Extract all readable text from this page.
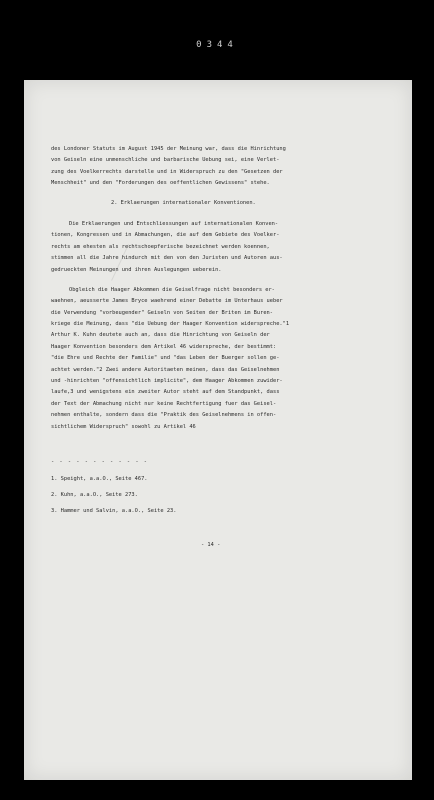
0344
des Londoner Statuts im August 1945 der Meinung war, dass die Hinrichtung
von Geiseln eine unmenschliche und barbarische Uebung sei, eine Verlet-
zung des Voelkerrechts darstelle und in Widerspruch zu den "Gesetzen der
Menschheit" und den "Forderungen des oeffentlichen Gewissens" stehe.
2. Erklaerungen internationaler Konventionen.
Die Erklaerungen und Entschliessungen auf internationalen Konven-
tionen, Kongressen und in Abmachungen, die auf dem Gebiete des Voelker-
rechts am ehesten als rechtschoepferische bezeichnet werden koennen,
stimmen all die Jahre hindurch mit den von den Juristen und Autoren aus-
gedrueckten Meinungen und ihren Auslegungen ueberein.
Obgleich die Haager Abkommen die Geiselfrage nicht besonders er-
waehnen, aeusserte James Bryce waehrend einer Debatte im Unterhaus ueber
die Verwendung "vorbeugender" Geiseln von Seiten der Briten im Buren-
kriege die Meinung, dass "die Uebung der Haager Konvention widerspreche."1
Arthur K. Kuhn deutete auch an, dass die Hinrichtung von Geiseln der
Haager Konvention besonders dem Artikel 46 widerspreche, der bestimmt:
"die Ehre und Rechte der Familie" und "das Leben der Buerger sollen ge-
achtet werden."2 Zwei andere Autoritaeten meinen, dass das Geiselnehmen
und -hinrichten "offensichtlich implicite", dem Haager Abkommen zuwider-
laufe,3 und wenigstens ein zweiter Autor steht auf dem Standpunkt, dass
der Text der Abmachung nicht nur keine Rechtfertigung fuer das Geisel-
nehmen enthalte, sondern dass die "Praktik des Geiselnehmens in offen-
sichtlichem Widerspruch" sowohl zu Artikel 46
- - - - - - - - - - - -
1. Speight, a.a.O., Seite 467.
2. Kuhn, a.a.O., Seite 273.
3. Hammer und Salvin, a.a.O., Seite 23.
- 14 -
